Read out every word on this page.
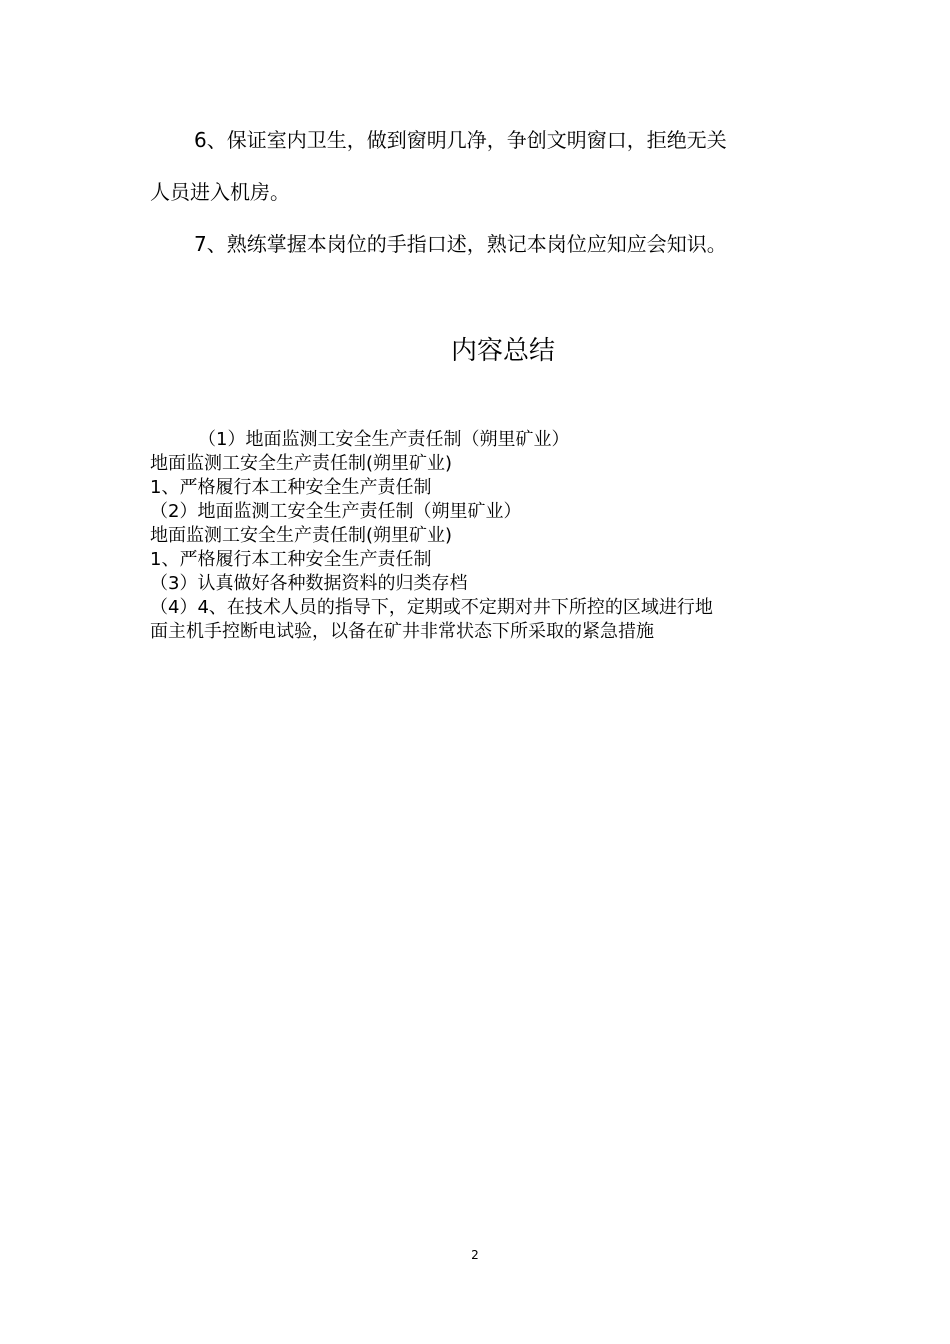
6、保证室内卫生，做到窗明几净，争创文明窗口，拒绝无关
人员进入机房。
7、熟练掌握本岗位的手指口述，熟记本岗位应知应会知识。
内容总结
（1）地面监测工安全生产责任制（朔里矿业）
地面监测工安全生产责任制(朔里矿业)
1、严格履行本工种安全生产责任制
（2）地面监测工安全生产责任制（朔里矿业）
地面监测工安全生产责任制(朔里矿业)
1、严格履行本工种安全生产责任制
（3）认真做好各种数据资料的归类存档
（4）4、在技术人员的指导下，定期或不定期对井下所控的区域进行地
面主机手控断电试验，以备在矿井非常状态下所采取的紧急措施
2
